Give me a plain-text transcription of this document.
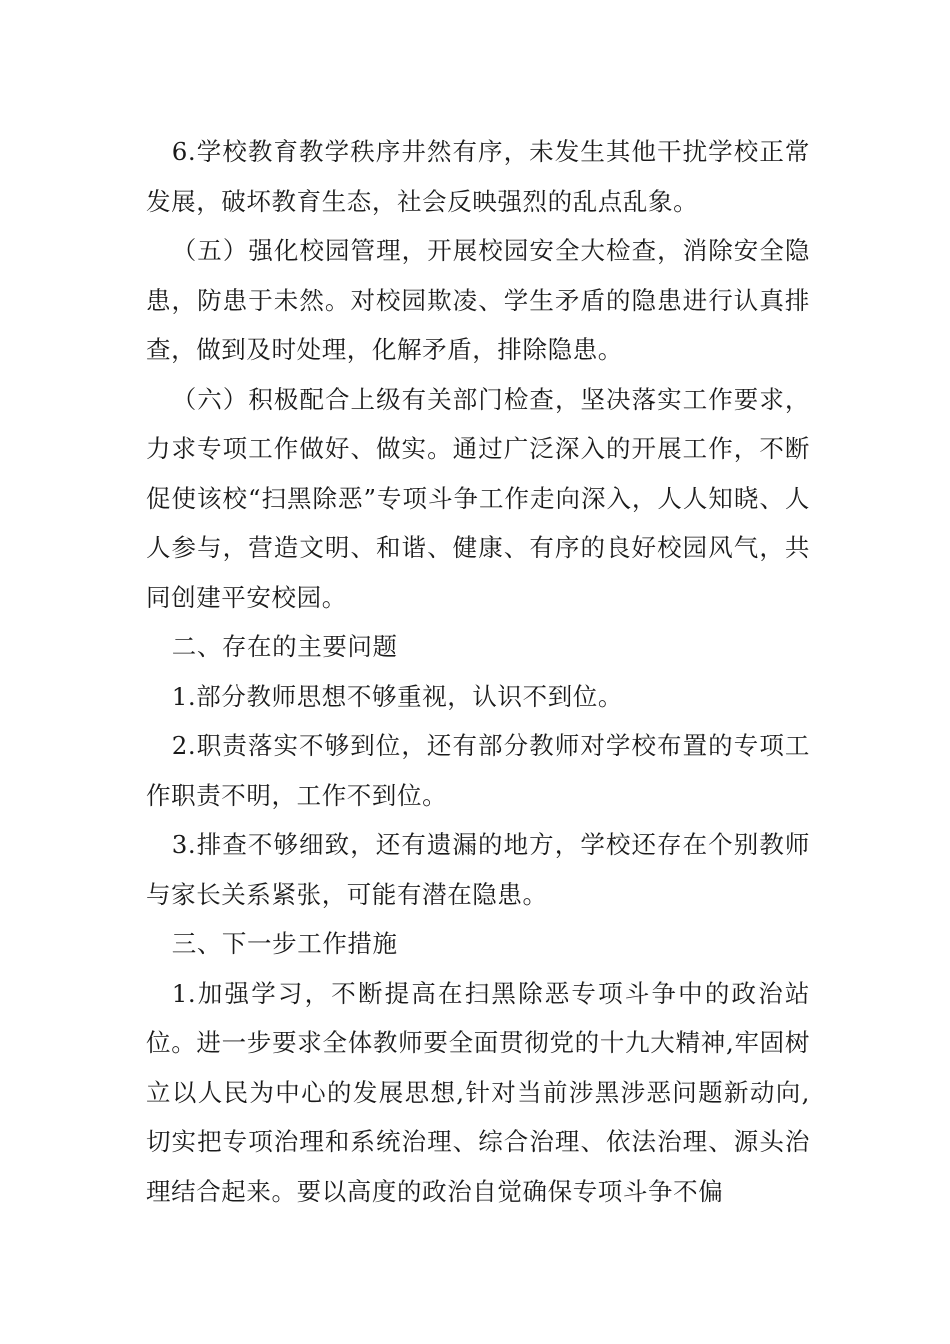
6.学校教育教学秩序井然有序，未发生其他干扰学校正常发展，破坏教育生态，社会反映强烈的乱点乱象。

（五）强化校园管理，开展校园安全大检查，消除安全隐患，防患于未然。对校园欺凌、学生矛盾的隐患进行认真排查，做到及时处理，化解矛盾，排除隐患。

（六）积极配合上级有关部门检查，坚决落实工作要求，力求专项工作做好、做实。通过广泛深入的开展工作，不断促使该校“扫黑除恶”专项斗争工作走向深入，人人知晓、人人参与，营造文明、和谐、健康、有序的良好校园风气，共同创建平安校园。

二、存在的主要问题

1.部分教师思想不够重视，认识不到位。

2.职责落实不够到位，还有部分教师对学校布置的专项工作职责不明，工作不到位。

3.排查不够细致，还有遗漏的地方，学校还存在个别教师与家长关系紧张，可能有潜在隐患。

三、下一步工作措施

1.加强学习，不断提高在扫黑除恶专项斗争中的政治站位。进一步要求全体教师要全面贯彻党的十九大精神,牢固树立以人民为中心的发展思想,针对当前涉黑涉恶问题新动向,切实把专项治理和系统治理、综合治理、依法治理、源头治理结合起来。要以高度的政治自觉确保专项斗争不偏
